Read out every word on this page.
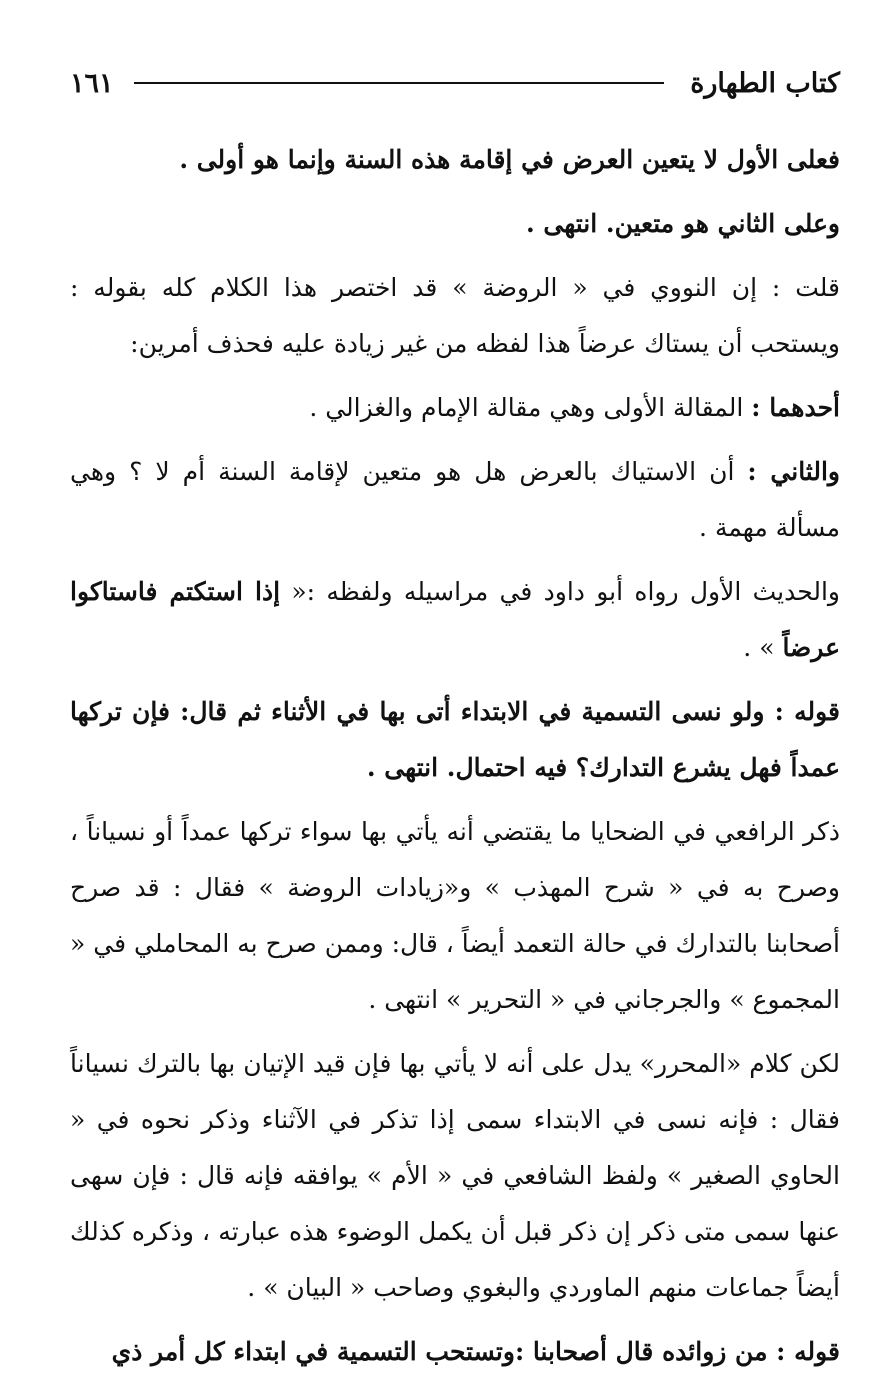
كتاب الطهارة
١٦١

فعلى الأول لا يتعين العرض في إقامة هذه السنة وإنما هو أولى .

وعلى الثاني هو متعين. انتهى .

قلت : إن النووي في « الروضة » قد اختصر هذا الكلام كله بقوله : ويستحب أن يستاك عرضاً هذا لفظه من غير زيادة عليه فحذف أمرين:

أحدهما : المقالة الأولى وهي مقالة الإمام والغزالي .

والثاني : أن الاستياك بالعرض هل هو متعين لإقامة السنة أم لا ؟ وهي مسألة مهمة .

والحديث الأول رواه أبو داود في مراسيله ولفظه :« إذا استكتم فاستاكوا عرضاً » .

قوله : ولو نسى التسمية في الابتداء أتى بها في الأثناء ثم قال: فإن تركها عمداً فهل يشرع التدارك؟ فيه احتمال. انتهى .

ذكر الرافعي في الضحايا ما يقتضي أنه يأتي بها سواء تركها عمداً أو نسياناً ، وصرح به في « شرح المهذب » و«زيادات الروضة » فقال : قد صرح أصحابنا بالتدارك في حالة التعمد أيضاً ، قال: وممن صرح به المحاملي في « المجموع » والجرجاني في « التحرير » انتهى .

لكن كلام «المحرر» يدل على أنه لا يأتي بها فإن قيد الإتيان بها بالترك نسياناً فقال : فإنه نسى في الابتداء سمى إذا تذكر في الآثناء وذكر نحوه في « الحاوي الصغير » ولفظ الشافعي في « الأم » يوافقه فإنه قال : فإن سهى عنها سمى متى ذكر إن ذكر قبل أن يكمل الوضوء هذه عبارته ، وذكره كذلك أيضاً جماعات منهم الماوردي والبغوي وصاحب « البيان » .

قوله : من زوائده قال أصحابنا :وتستحب التسمية في ابتداء كل أمر ذي
